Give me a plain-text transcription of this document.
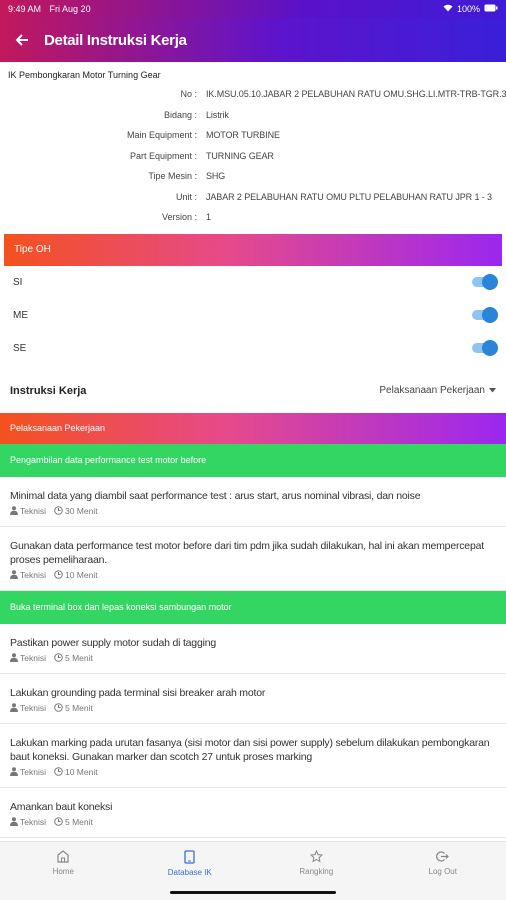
9:49 AM Fri Aug 20	100%
Detail Instruksi Kerja
IK Pembongkaran Motor Turning Gear
No :	IK.MSU.05.10.JABAR 2 PELABUHAN RATU OMU.SHG.LI.MTR-TRB-TGR.3
Bidang :	Listrik
Main Equipment :	MOTOR TURBINE
Part Equipment :	TURNING GEAR
Tipe Mesin :	SHG
Unit :	JABAR 2 PELABUHAN RATU OMU PLTU PELABUHAN RATU JPR 1 - 3
Version :	1
Tipe OH
SI
ME
SE
Instruksi Kerja	Pelaksanaan Pekerjaan
Pelaksanaan Pekerjaan
Pengambilan data performance test motor before
Minimal data yang diambil saat performance test : arus start, arus nominal vibrasi, dan noise
Teknisi 30 Menit
Gunakan data performance test motor before dari tim pdm jika sudah dilakukan, hal ini akan mempercepat proses pemeliharaan.
Teknisi 10 Menit
Buka terminal box dan lepas koneksi sambungan motor
Pastikan power supply motor sudah di tagging
Teknisi 5 Menit
Lakukan grounding pada terminal sisi breaker arah motor
Teknisi 5 Menit
Lakukan marking pada urutan fasanya (sisi motor dan sisi power supply) sebelum dilakukan pembongkaran baut koneksi. Gunakan marker dan scotch 27 untuk proses marking
Teknisi 10 Menit
Amankan baut koneksi
Teknisi 5 Menit
Home	Database IK	Rangking	Log Out
